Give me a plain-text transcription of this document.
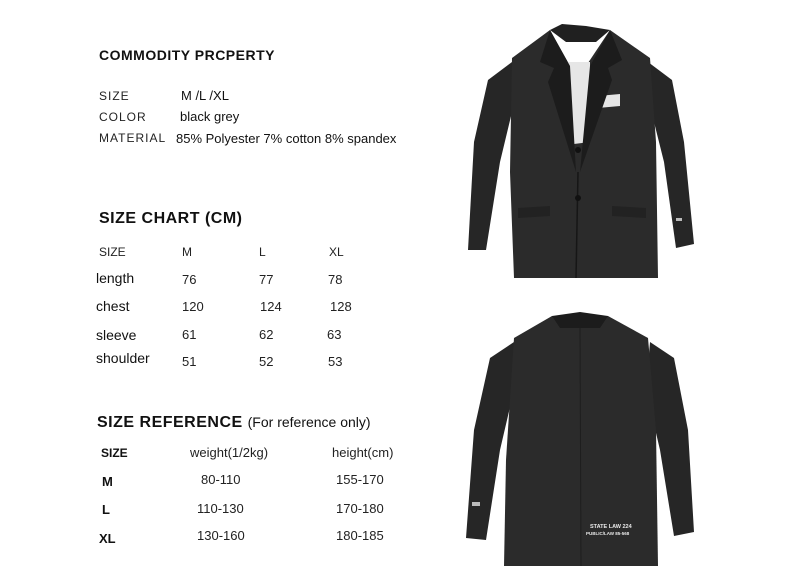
COMMODITY PRCPERTY
SIZE	M /L /XL
COLOR	black grey
MATERIAL 85% Polyester 7% cotton 8% spandex
SIZE CHART (CM)
SIZE	M	L	XL
length	76	77	78
chest	120	124	128
sleeve	61	62	63
shoulder 51	52	53
SIZE REFERENCE (For reference only)
SIZE	weight(1/2kg)	height(cm)
M	80-110	155-170
L	110-130	170-180
XL	130-160	180-185
STATE LAW 224
PUBLIC/LAW 85-568
